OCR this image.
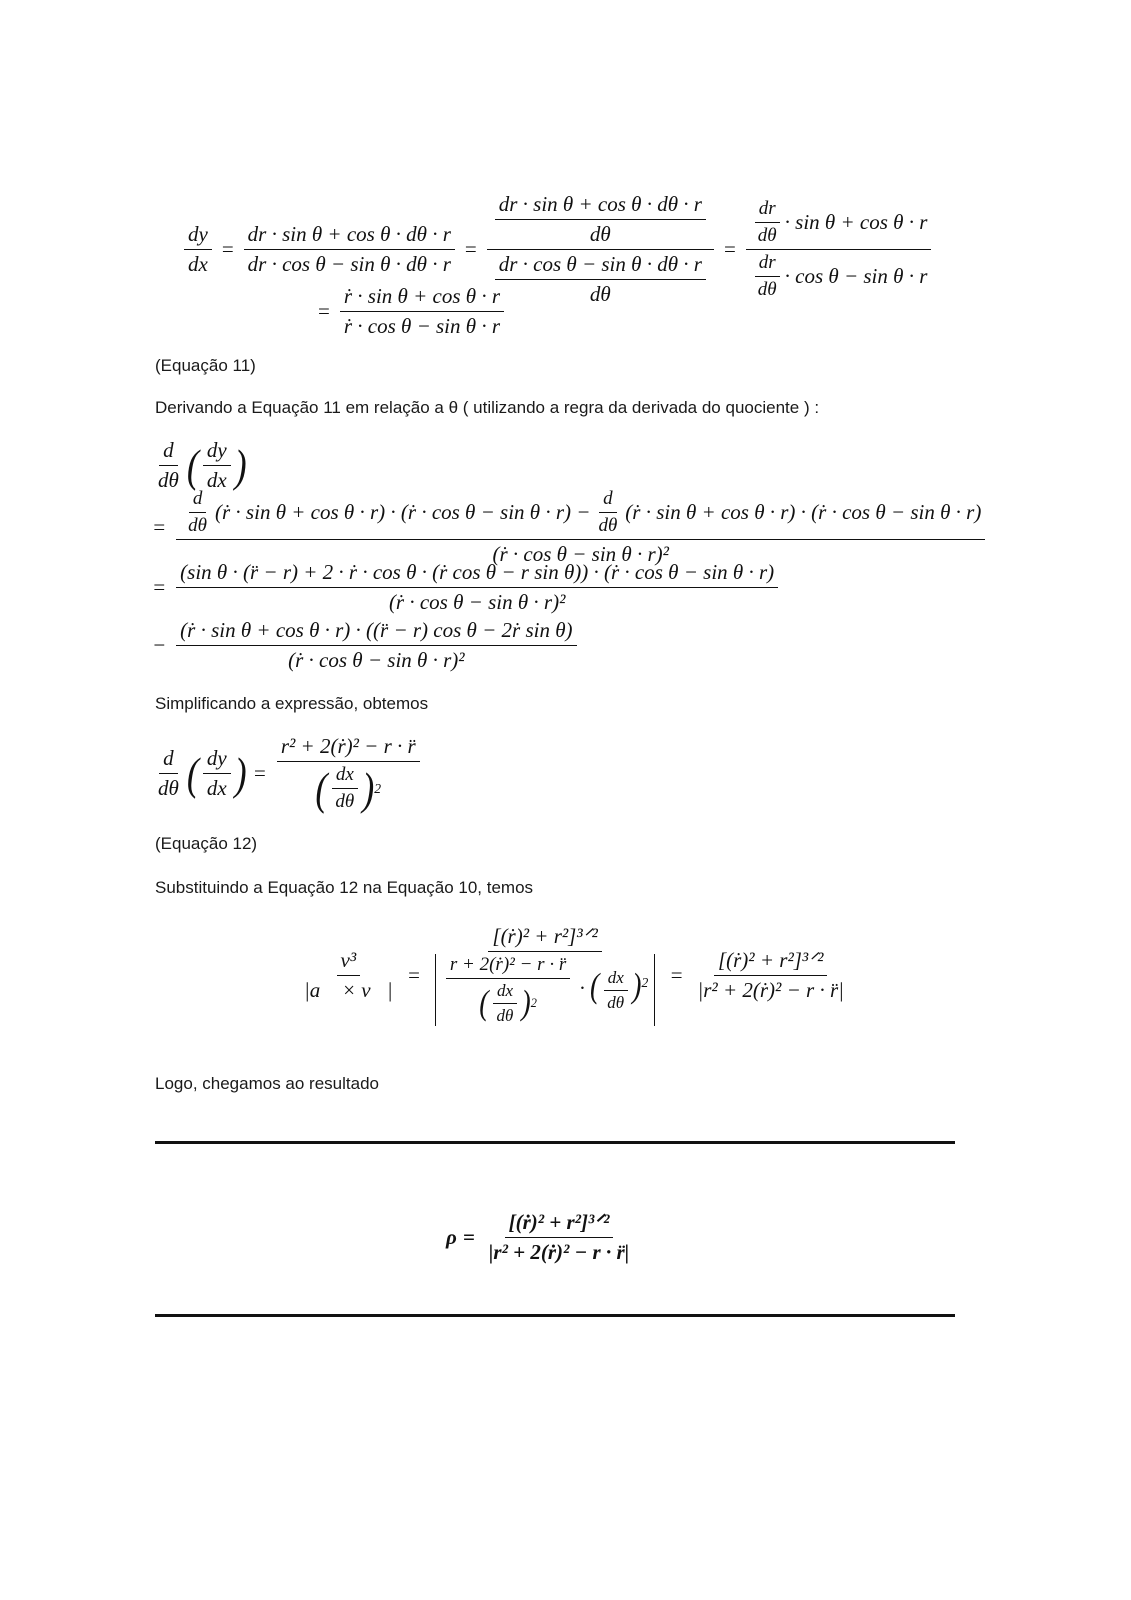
$\frac{dy}{dx} = \frac{\text{dr · sin θ + cos θ · dθ · r}}{\text{dr · cos θ − sin θ · dθ · r}} = \frac{\frac{\text{dr · sin θ + cos θ · dθ · r}}{d\theta}}{\frac{\text{dr · cos θ − sin θ · dθ · r}}{d\theta}} = \frac{\frac{dr}{d\theta} \cdot \sin \theta + \cos \theta \cdot r}{\frac{dr}{d\theta} \cdot \cos \theta - \sin \theta \cdot r}$
= $\frac{\text{ṙ · sin θ + cos θ · r}}{\text{ṙ · cos θ − sin θ · r}}$
(Equação 11)
Derivando a Equação 11 em relação a θ ( utilizando a regra da derivada do quociente ) :
$\frac{d}{d\theta}$ ( $\frac{dy}{dx}$ )
= $\frac{d}{d\theta}$ (ṙ · sin θ + cos θ · r) · (ṙ · $\cos \theta - \sin \theta \cdot r) - \frac{d}{d\theta}$ (ṙ · sin θ + cos θ · r) · (ṙ · cos θ − sin θ · r)
(ṙ · cos θ − sin θ · r)²
=
(sin θ · (r̈ − r) + 2 · ṙ · cos θ · (ṙ cos θ − r sin θ)) · (ṙ · cos θ − sin θ · r)
(ṙ · cos θ − sin θ · r)²
− $\frac{\text{(ṙ · sin θ + cos θ · r) · ((r̈ − r) cos θ − 2ṙ sin θ)}}{\text{(ṙ · cos θ − sin θ · r)²}}$
Simplificando a expressão, obtemos
$\frac{d}{d\theta}$ ( $\frac{dy}{dx}$ ) = $\frac{\text{r² + 2(ṙ)² − r · r̈}}{( \frac{dx}{d\theta} ) 2}$
(Equação 12)
Substituindo a Equação 12 na Equação 10, temos
$\frac{\text{v³}}{|a⃗ \times v⃗|}$ =
[(ṙ)² + r²]³ᐟ²
$\frac{\text{r + 2(ṙ)² − r · r̈}}{( \frac{dx}{d\theta} ) 2}$ · ( $\frac{dx}{d\theta} )^2$	= $\frac{\text{[(ṙ)² + r²]³ᐟ²}}{\text{|r² + 2(ṙ)² − r · r̈|}}$
Logo, chegamos ao resultado
$\rho = \frac{\text{[(ṙ)² + r²]³ᐟ²}}{\text{|r² + 2(ṙ)² − r · r̈|}}$
